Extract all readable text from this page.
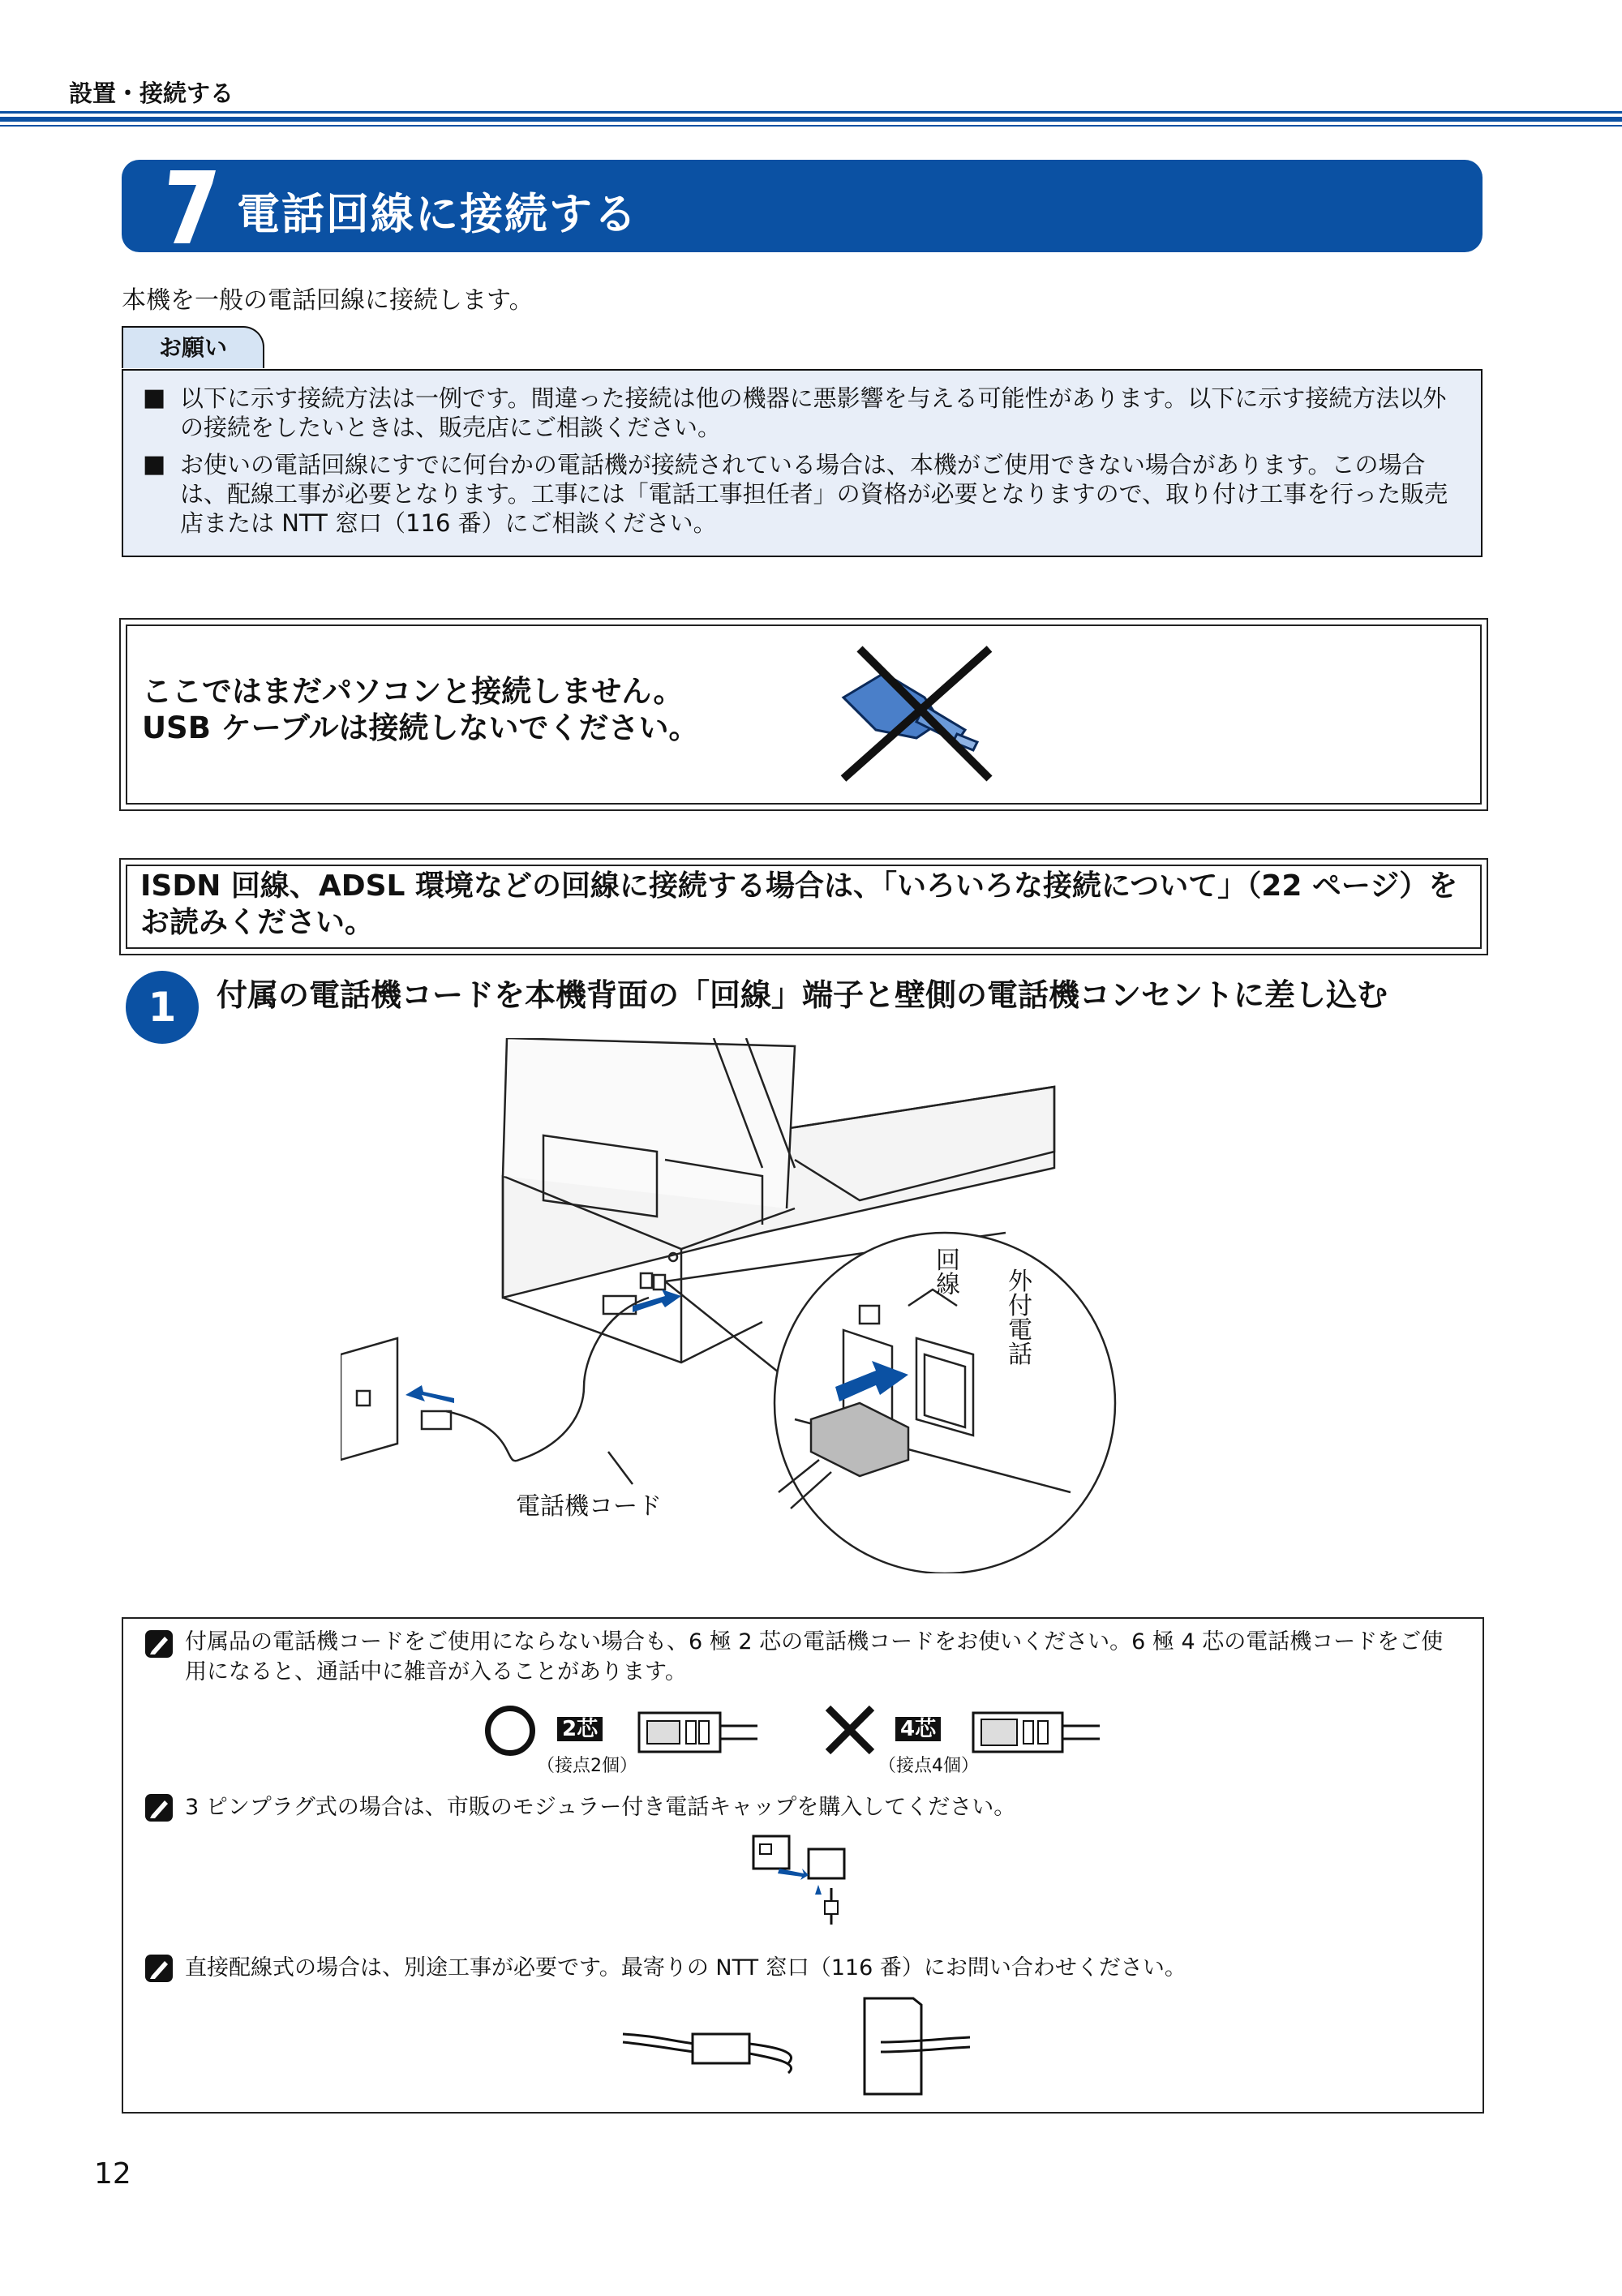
設置・接続する
電話回線に接続する
本機を一般の電話回線に接続します。
お願い
■ 以下に示す接続方法は一例です。間違った接続は他の機器に悪影響を与える可能性があります。以下に示す接続方法以外の接続をしたいときは、販売店にご相談ください。
■ お使いの電話回線にすでに何台かの電話機が接続されている場合は、本機がご使用できない場合があります。この場合は、配線工事が必要となります。工事には「電話工事担任者」の資格が必要となりますので、取り付け工事を行った販売店または NTT 窓口（116 番）にご相談ください。
ここではまだパソコンと接続しません。
USB ケーブルは接続しないでください。
ISDN 回線、ADSL 環境などの回線に接続する場合は、「いろいろな接続について」（22 ページ）をお読みください。
1	付属の電話機コードを本機背面の「回線」端子と壁側の電話機コンセントに差し込む
電話機コード
回線 外付電話
付属品の電話機コードをご使用にならない場合も、6 極 2 芯の電話機コードをお使いください。6 極 4 芯の電話機コードをご使用になると、通話中に雑音が入ることがあります。
2芯
（接点2個）
4芯
（接点4個）
3 ピンプラグ式の場合は、市販のモジュラー付き電話キャップを購入してください。
直接配線式の場合は、別途工事が必要です。最寄りの NTT 窓口（116 番）にお問い合わせください。
12
